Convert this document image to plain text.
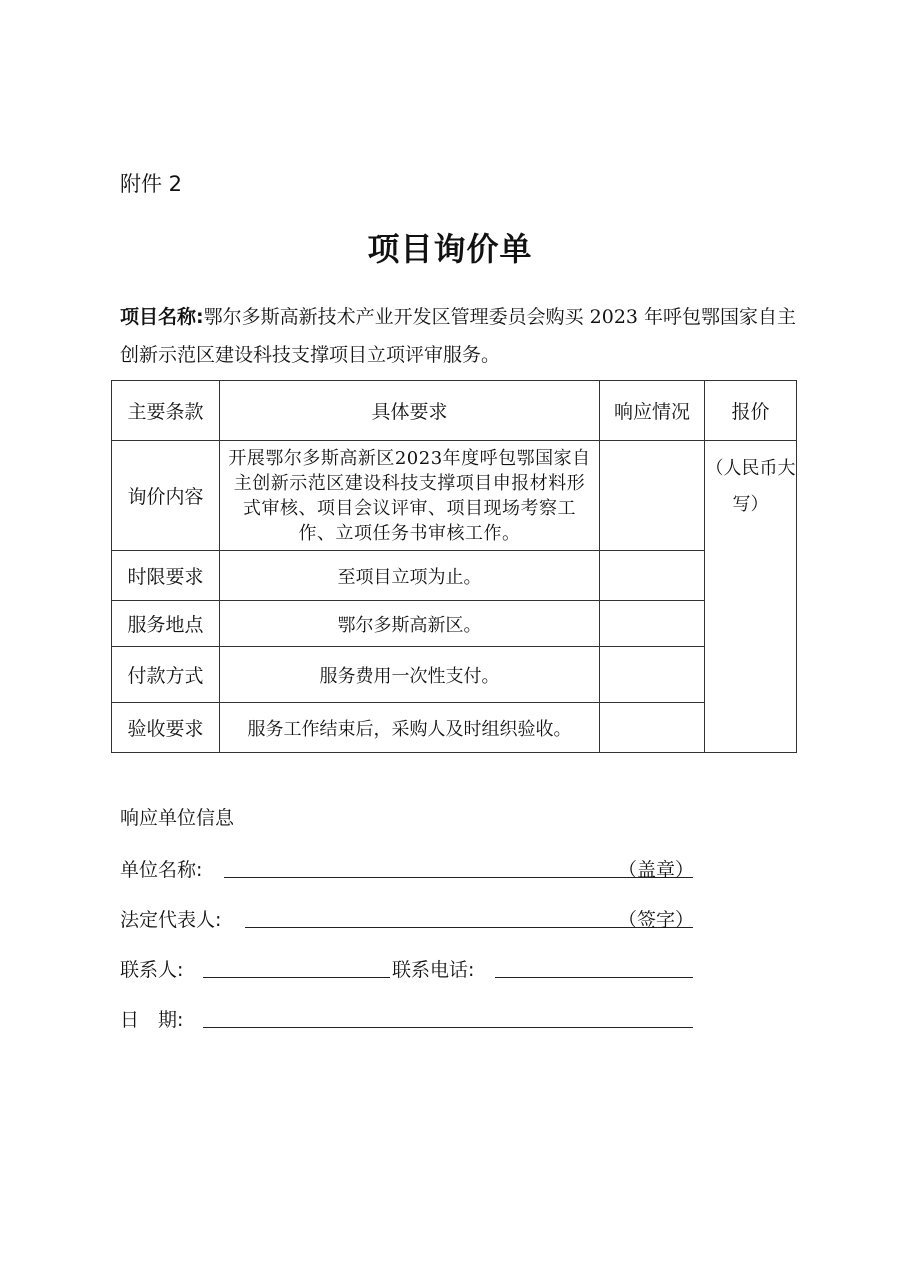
附件 2
项目询价单
项目名称:鄂尔多斯高新技术产业开发区管理委员会购买 2023 年呼包鄂国家自主创新示范区建设科技支撑项目立项评审服务。
主要条款	具体要求	响应情况	报价
询价内容	开展鄂尔多斯高新区2023年度呼包鄂国家自主创新示范区建设科技支撑项目申报材料形式审核、项目会议评审、项目现场考察工作、立项任务书审核工作。		（人民币大写）
时限要求	至项目立项为止。		
服务地点	鄂尔多斯高新区。		
付款方式	服务费用一次性支付。		
验收要求	服务工作结束后，采购人及时组织验收。		
响应单位信息
单位名称:	（盖章）
法定代表人:	（签字）
联系人:	联系电话:
日　期:
